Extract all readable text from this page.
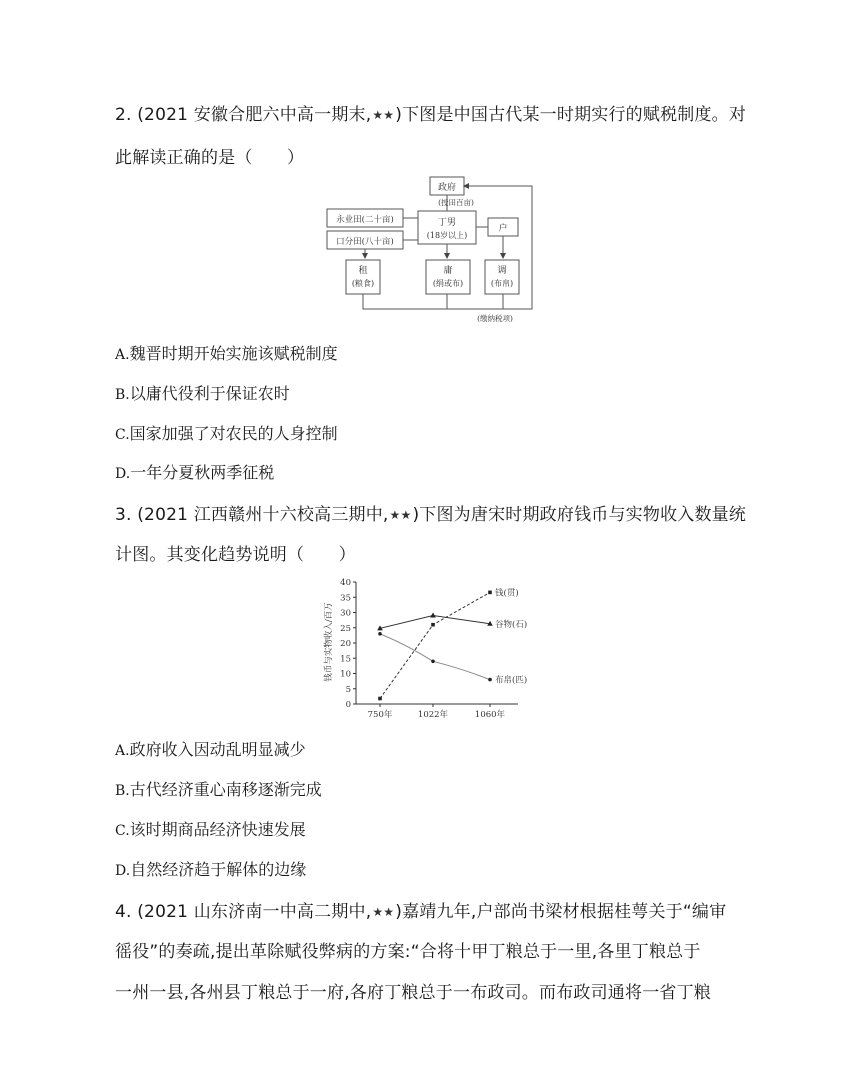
2. (2021 安徽合肥六中高一期末,★★)下图是中国古代某一时期实行的赋税制度。对
此解读正确的是（　　）
政府
(授田百亩)
永业田(二十亩)
口分田(八十亩)
丁男
(18岁以上)
户
租
(粮食)
庸
(绢或布)
调
(布帛)
(缴纳税项)
A.魏晋时期开始实施该赋税制度
B.以庸代役利于保证农时
C.国家加强了对农民的人身控制
D.一年分夏秋两季征税
3. (2021 江西赣州十六校高三期中,★★)下图为唐宋时期政府钱币与实物收入数量统
计图。其变化趋势说明（　　）
0
5
10
15
20
25
30
35
40
750年	1022年	1060年
钱(贯)
谷物(石)
布帛(匹)
钱币与实物收入/百万
A.政府收入因动乱明显减少
B.古代经济重心南移逐渐完成
C.该时期商品经济快速发展
D.自然经济趋于解体的边缘
4. (2021 山东济南一中高二期中,★★)嘉靖九年,户部尚书梁材根据桂萼关于“编审
徭役”的奏疏,提出革除赋役弊病的方案:“合将十甲丁粮总于一里,各里丁粮总于
一州一县,各州县丁粮总于一府,各府丁粮总于一布政司。而布政司通将一省丁粮
